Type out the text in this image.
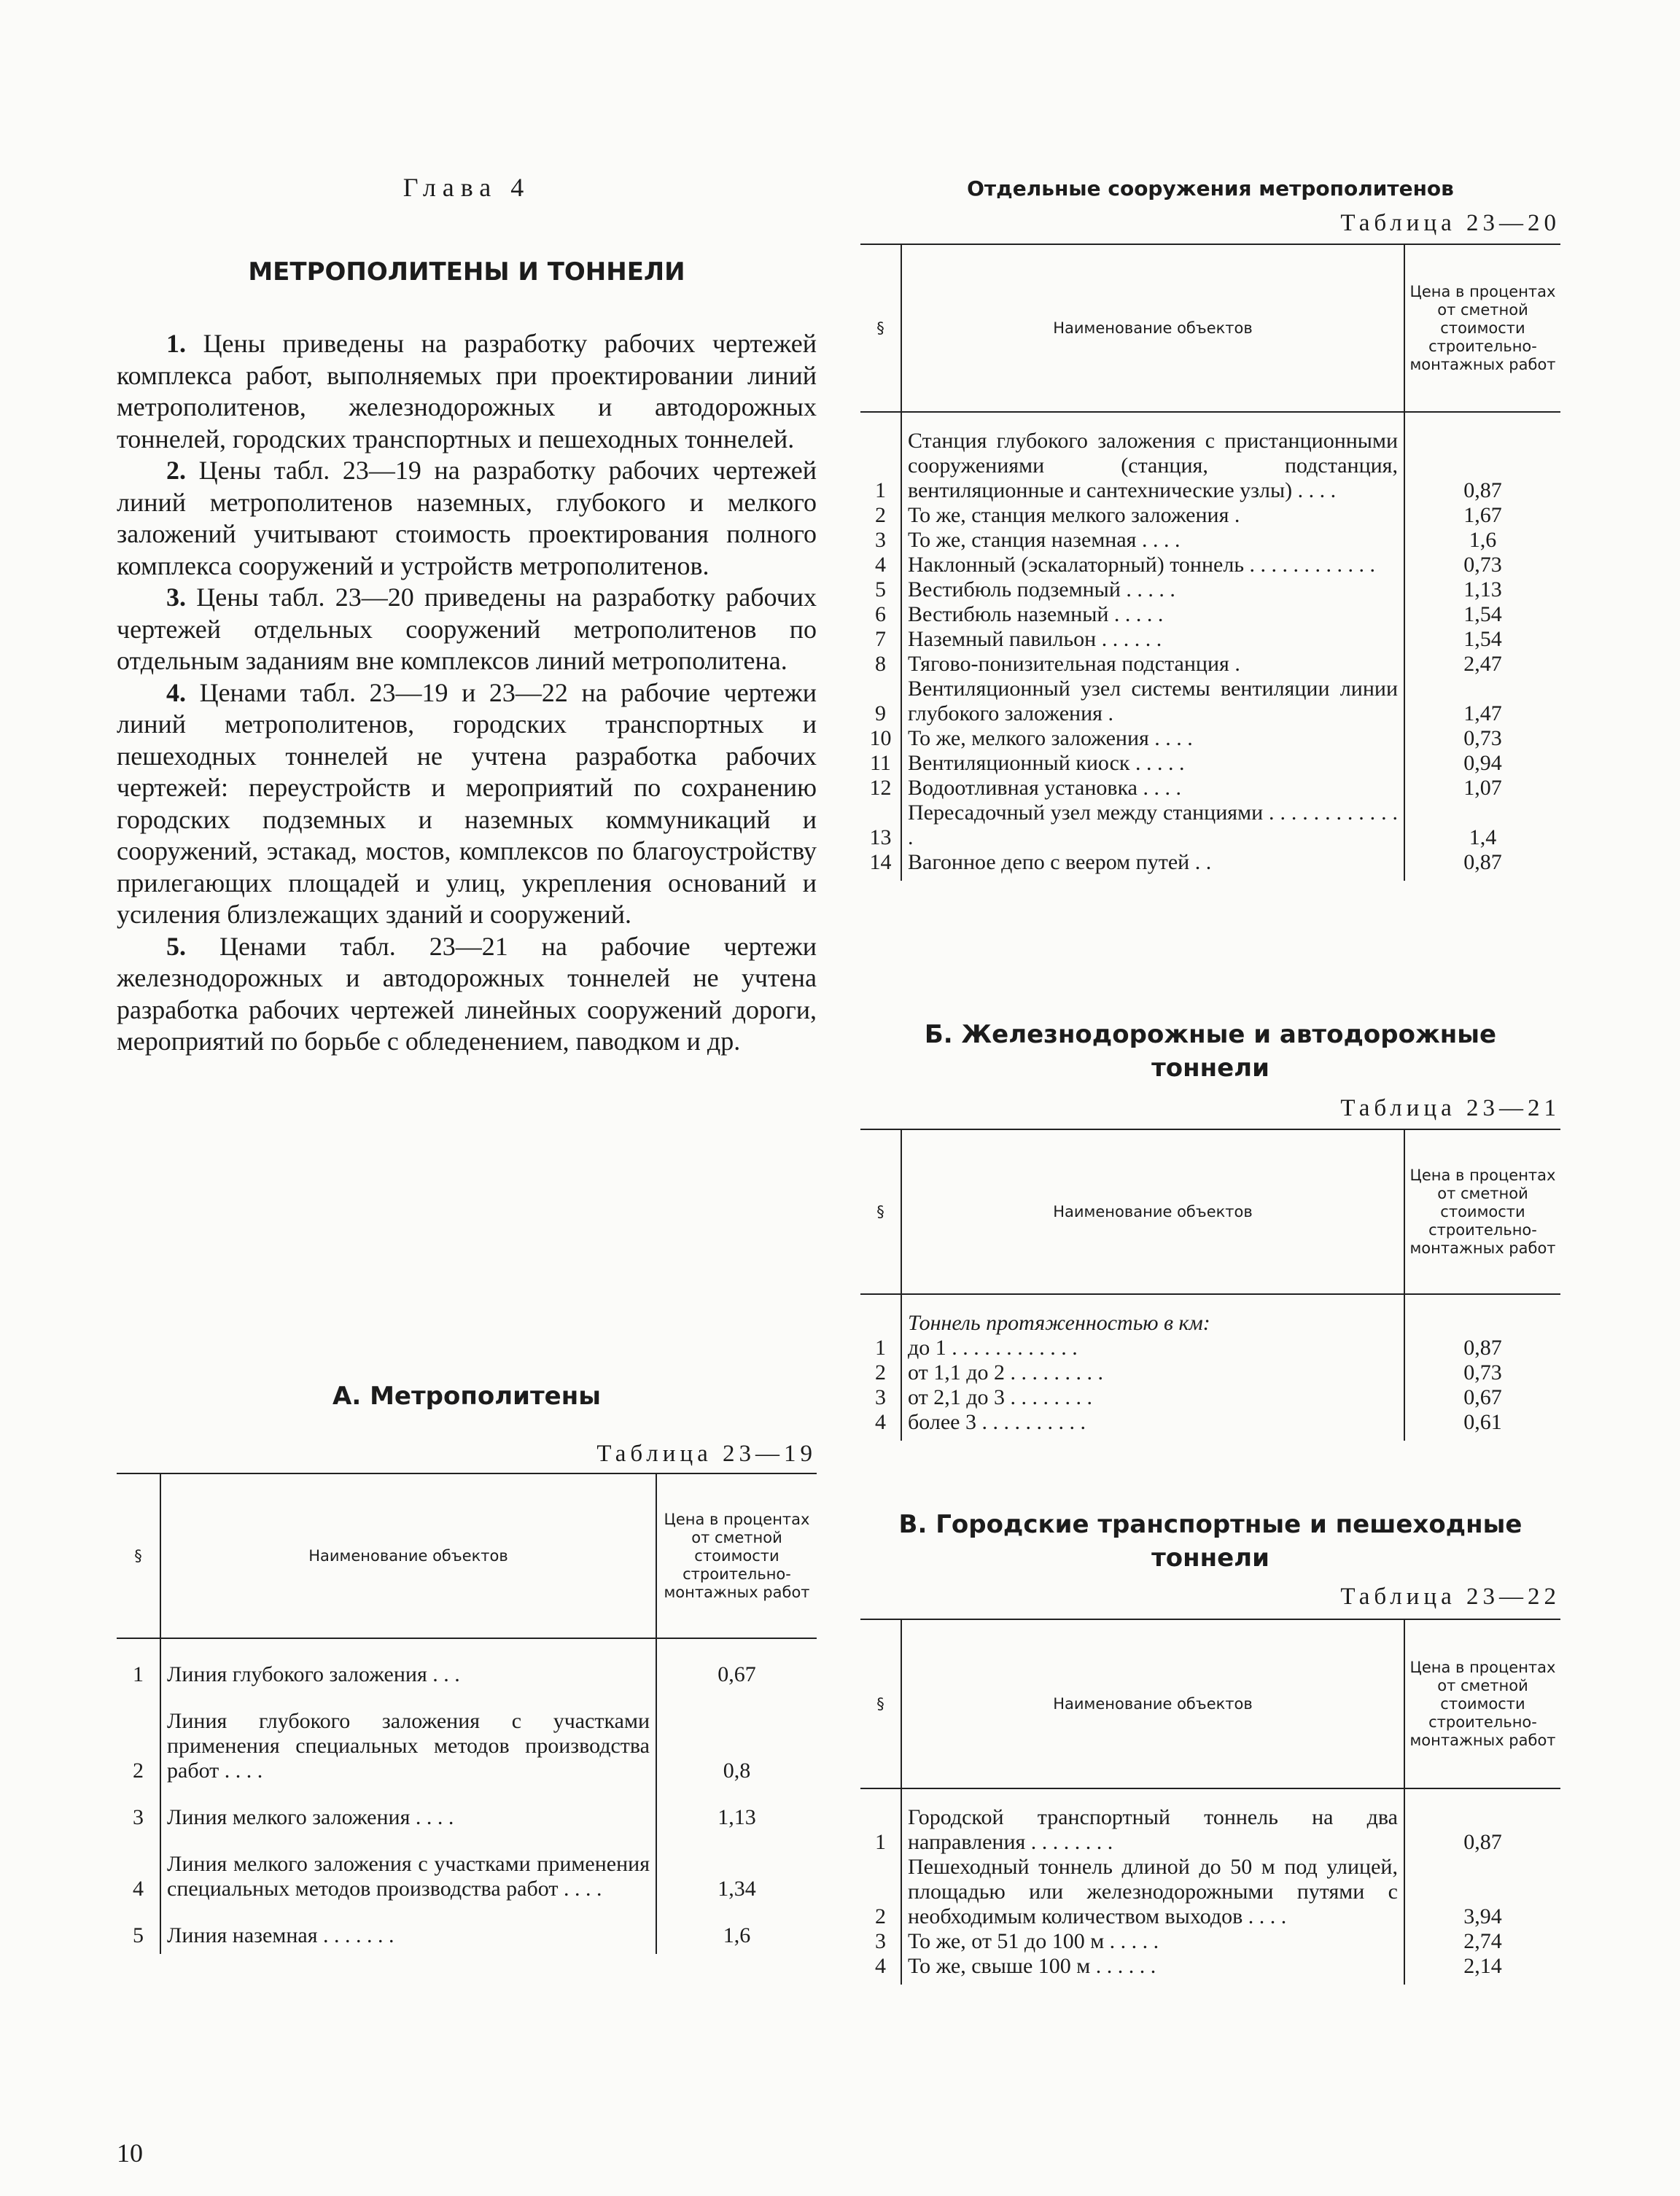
Глава 4
МЕТРОПОЛИТЕНЫ И ТОННЕЛИ

1. Цены приведены на разработку рабочих чертежей комплекса работ, выполняемых при проектировании линий метрополитенов, железнодорожных и автодорожных тоннелей, городских транспортных и пешеходных тоннелей.

2. Цены табл. 23—19 на разработку рабочих чертежей линий метрополитенов наземных, глубокого и мелкого заложений учитывают стоимость проектирования полного комплекса сооружений и устройств метрополитенов.

3. Цены табл. 23—20 приведены на разработку рабочих чертежей отдельных сооружений метрополитенов по отдельным заданиям вне комплексов линий метрополитена.

4. Ценами табл. 23—19 и 23—22 на рабочие чертежи линий метрополитенов, городских транспортных и пешеходных тоннелей не учтена разработка рабочих чертежей: переустройств и мероприятий по сохранению городских подземных и наземных коммуникаций и сооружений, эстакад, мостов, комплексов по благоустройству прилегающих площадей и улиц, укрепления оснований и усиления близлежащих зданий и сооружений.

5. Ценами табл. 23—21 на рабочие чертежи железнодорожных и автодорожных тоннелей не учтена разработка рабочих чертежей линейных сооружений дороги, мероприятий по борьбе с обледенением, паводком и др.

А. Метрополитены
Таблица 23—19
§	Наименование объектов	Цена в процентах от сметной стоимости строительно-монтажных работ
1	Линия глубокого заложения . . .	0,67
2	Линия глубокого заложения с участками применения специальных методов производства работ . . . .	0,8
3	Линия мелкого заложения . . . .	1,13
4	Линия мелкого заложения с участками применения специальных методов производства работ . . . .	1,34
5	Линия наземная . . . . . . .	1,6
Отдельные сооружения метрополитенов
Таблица 23—20
§	Наименование объектов	Цена в процентах от сметной стоимости строительно-монтажных работ
1	Станция глубокого заложения с пристанционными сооружениями (станция, подстанция, вентиляционные и сантехнические узлы) . . . .	0,87
2	То же, станция мелкого заложения .	1,67
3	То же, станция наземная . . . .	1,6
4	Наклонный (эскалаторный) тоннель . . . . . . . . . . . .	0,73
5	Вестибюль подземный . . . . .	1,13
6	Вестибюль наземный . . . . .	1,54
7	Наземный павильон . . . . . .	1,54
8	Тягово-понизительная подстанция .	2,47
9	Вентиляционный узел системы вентиляции линии глубокого заложения .	1,47
10	То же, мелкого заложения . . . .	0,73
11	Вентиляционный киоск . . . . .	0,94
12	Водоотливная установка . . . .	1,07
13	Пересадочный узел между станциями . . . . . . . . . . . . .	1,4
14	Вагонное депо с веером путей . .	0,87
Б. Железнодорожные и автодорожные
тоннели
Таблица 23—21
§	Наименование объектов	Цена в процентах от сметной стоимости строительно-монтажных работ
	Тоннель протяженностью в км:	
1	до 1 . . . . . . . . . . . .	0,87
2	от 1,1 до 2 . . . . . . . . .	0,73
3	от 2,1 до 3 . . . . . . . .	0,67
4	более 3 . . . . . . . . . .	0,61
В. Городские транспортные и пешеходные
тоннели
Таблица 23—22
§	Наименование объектов	Цена в процентах от сметной стоимости строительно-монтажных работ
1	Городской транспортный тоннель на два направления . . . . . . . .	0,87
2	Пешеходный тоннель длиной до 50 м под улицей, площадью или железнодорожными путями с необходимым количеством выходов . . . .	3,94
3	То же, от 51 до 100 м . . . . .	2,74
4	То же, свыше 100 м . . . . . .	2,14
10
